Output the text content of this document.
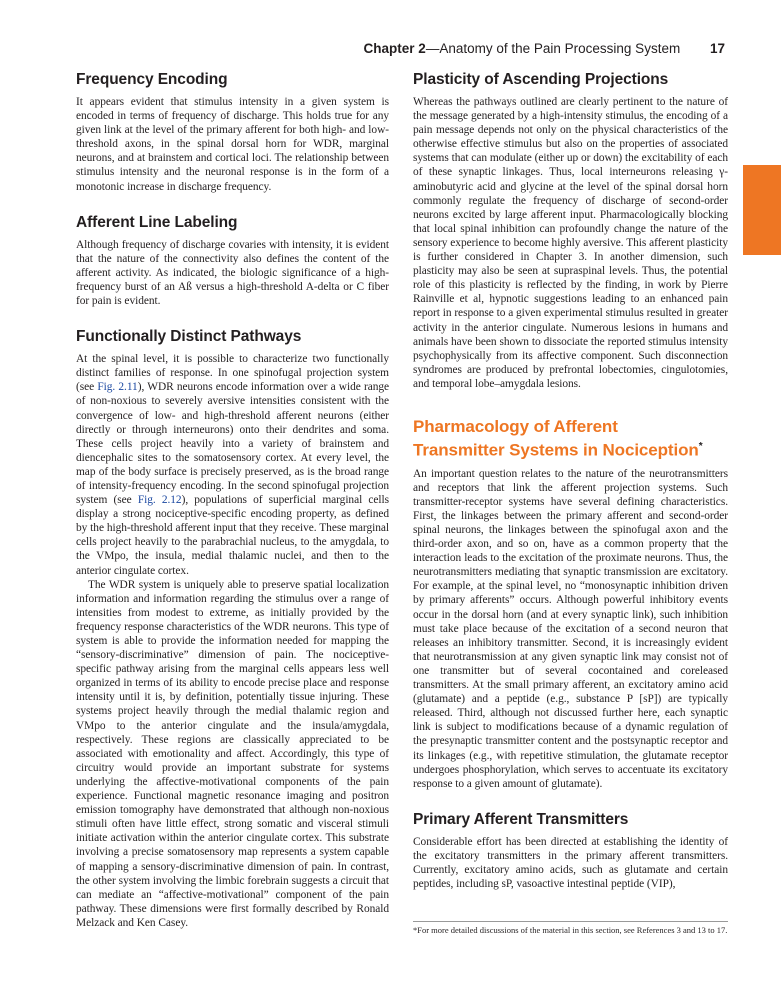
Chapter 2—Anatomy of the Pain Processing System 17
Frequency Encoding

It appears evident that stimulus intensity in a given system is encoded in terms of frequency of discharge. This holds true for any given link at the level of the primary afferent for both high- and low-threshold axons, in the spinal dorsal horn for WDR, marginal neurons, and at brainstem and cortical loci. The relationship between stimulus intensity and the neuronal response is in the form of a monotonic increase in discharge frequency.

Afferent Line Labeling

Although frequency of discharge covaries with intensity, it is evident that the nature of the connectivity also defines the content of the afferent activity. As indicated, the biologic significance of a high-frequency burst of an Aß versus a high-threshold A-delta or C fiber for pain is evident.

Functionally Distinct Pathways

At the spinal level, it is possible to characterize two functionally distinct families of response. In one spinofugal projection system (see Fig. 2.11), WDR neurons encode information over a wide range of non-noxious to severely aversive intensities consistent with the convergence of low- and high-threshold afferent neurons (either directly or through interneurons) onto their dendrites and soma. These cells project heavily into a variety of brainstem and diencephalic sites to the somatosensory cortex. At every level, the map of the body surface is precisely preserved, as is the broad range of intensity-frequency encoding. In the second spinofugal projection system (see Fig. 2.12), populations of superficial marginal cells display a strong nociceptive-specific encoding property, as defined by the high-threshold afferent input that they receive. These marginal cells project heavily to the parabrachial nucleus, to the amygdala, to the VMpo, the insula, medial thalamic nuclei, and then to the anterior cingulate cortex.

The WDR system is uniquely able to preserve spatial localization information and information regarding the stimulus over a range of intensities from modest to extreme, as initially provided by the frequency response characteristics of the WDR neurons. This type of system is able to provide the information needed for mapping the “sensory-discriminative” dimension of pain. The nociceptive-specific pathway arising from the marginal cells appears less well organized in terms of its ability to encode precise place and response intensity until it is, by definition, potentially tissue injuring. These systems project heavily through the medial thalamic region and VMpo to the anterior cingulate and the insula/amygdala, respectively. These regions are classically appreciated to be associated with emotionality and affect. Accordingly, this type of circuitry would provide an important substrate for systems underlying the affective-motivational components of the pain experience. Functional magnetic resonance imaging and positron emission tomography have demonstrated that although non-noxious stimuli often have little effect, strong somatic and visceral stimuli initiate activation within the anterior cingulate cortex. This substrate involving a precise somatosensory map represents a system capable of mapping a sensory-discriminative dimension of pain. In contrast, the other system involving the limbic forebrain suggests a circuit that can mediate an “affective-motivational” component of the pain pathway. These dimensions were first formally described by Ronald Melzack and Ken Casey.

Plasticity of Ascending Projections

Whereas the pathways outlined are clearly pertinent to the nature of the message generated by a high-intensity stimulus, the encoding of a pain message depends not only on the physical characteristics of the otherwise effective stimulus but also on the properties of associated systems that can modulate (either up or down) the excitability of each of these synaptic linkages. Thus, local interneurons releasing γ-aminobutyric acid and glycine at the level of the spinal dorsal horn commonly regulate the frequency of discharge of second-order neurons excited by large afferent input. Pharmacologically blocking that local spinal inhibition can profoundly change the nature of the sensory experience to become highly aversive. This afferent plasticity is further considered in Chapter 3. In another dimension, such plasticity may also be seen at supraspinal levels. Thus, the potential role of this plasticity is reflected by the finding, in work by Pierre Rainville et al, hypnotic suggestions leading to an enhanced pain report in response to a given experimental stimulus resulted in greater activity in the anterior cingulate. Numerous lesions in humans and animals have been shown to dissociate the reported stimulus intensity psychophysically from its affective component. Such disconnection syndromes are produced by prefrontal lobectomies, cingulotomies, and temporal lobe–amygdala lesions.

Pharmacology of Afferent
Transmitter Systems in Nociception*

An important question relates to the nature of the neurotransmitters and receptors that link the afferent projection systems. Such transmitter-receptor systems have several defining characteristics. First, the linkages between the primary afferent and second-order spinal neurons, the linkages between the spinofugal axon and the third-order axon, and so on, have as a common property that the interaction leads to the excitation of the proximate neurons. Thus, the neurotransmitters mediating that synaptic transmission are excitatory. For example, at the spinal level, no “monosynaptic inhibition driven by primary afferents” occurs. Although powerful inhibitory events occur in the dorsal horn (and at every synaptic link), such inhibition must take place because of the excitation of a second neuron that releases an inhibitory transmitter. Second, it is increasingly evident that neurotransmission at any given synaptic link may consist not of one transmitter but of several cocontained and coreleased transmitters. At the small primary afferent, an excitatory amino acid (glutamate) and a peptide (e.g., substance P [sP]) are typically released. Third, although not discussed further here, each synaptic link is subject to modifications because of a dynamic regulation of the presynaptic transmitter content and the postsynaptic receptor and its linkages (e.g., with repetitive stimulation, the glutamate receptor undergoes phosphorylation, which serves to accentuate its excitatory response to a given amount of glutamate).

Primary Afferent Transmitters

Considerable effort has been directed at establishing the identity of the excitatory transmitters in the primary afferent transmitters. Currently, excitatory amino acids, such as glutamate and certain peptides, including sP, vasoactive intestinal peptide (VIP),

*For more detailed discussions of the material in this section, see References 3 and 13 to 17.
